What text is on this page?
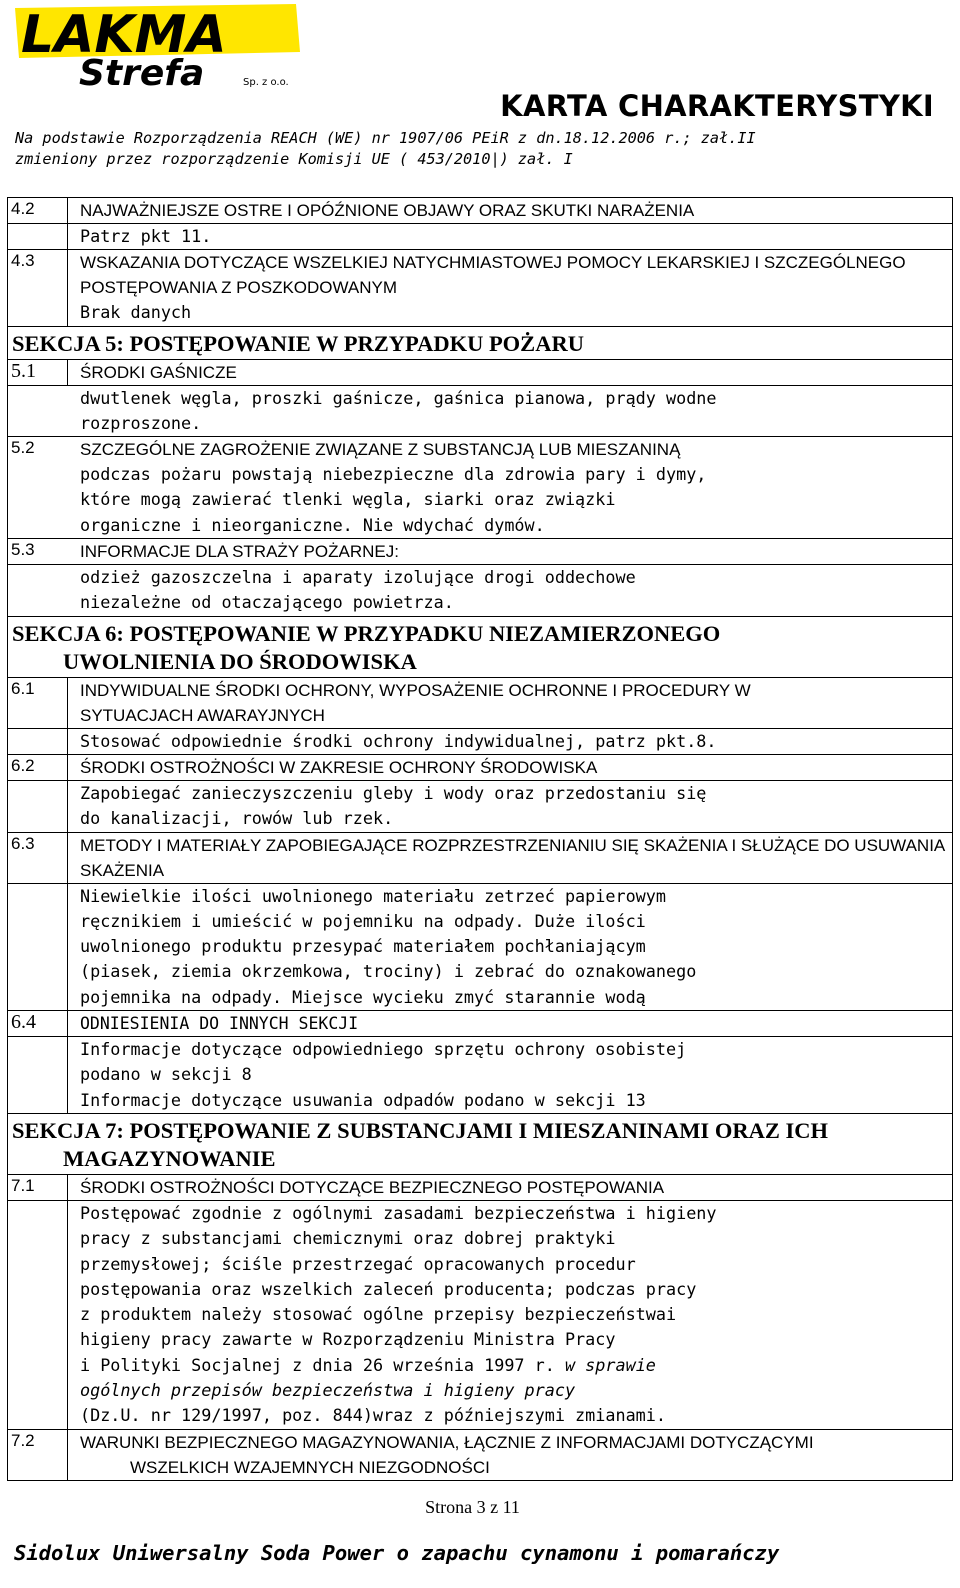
LAKMA
Strefa	Sp. z o.o.
KARTA CHARAKTERYSTYKI
Na podstawie Rozporządzenia REACH (WE) nr 1907/06 PEiR z dn.18.12.2006 r.; zał.II
zmieniony przez rozporządzenie Komisji UE ( 453/2010|) zał. I
4.2	NAJWAŻNIEJSZE OSTRE I OPÓŹNIONE OBJAWY ORAZ SKUTKI NARAŻENIA
Patrz pkt 11.
4.3	WSKAZANIA DOTYCZĄCE WSZELKIEJ NATYCHMIASTOWEJ POMOCY LEKARSKIEJ I SZCZEGÓLNEGO POSTĘPOWANIA Z POSZKODOWANYM
Brak danych
SEKCJA 5: POSTĘPOWANIE W PRZYPADKU POŻARU
5.1	ŚRODKI GAŚNICZE
dwutlenek węgla, proszki gaśnicze, gaśnica pianowa, prądy wodne
rozproszone.
5.2	SZCZEGÓLNE ZAGROŻENIE ZWIĄZANE Z SUBSTANCJĄ LUB MIESZANINĄ
podczas pożaru powstają niebezpieczne dla zdrowia pary i dymy,
które mogą zawierać tlenki węgla, siarki oraz związki
organiczne i nieorganiczne. Nie wdychać dymów.
5.3	INFORMACJE DLA STRAŻY POŻARNEJ:
odzież gazoszczelna i aparaty izolujące drogi oddechowe
niezależne od otaczającego powietrza.
SEKCJA 6: POSTĘPOWANIE W PRZYPADKU NIEZAMIERZONEGO
UWOLNIENIA DO ŚRODOWISKA
6.1	INDYWIDUALNE ŚRODKI OCHRONY, WYPOSAŻENIE OCHRONNE I PROCEDURY W SYTUACJACH AWARAYJNYCH
Stosować odpowiednie środki ochrony indywidualnej, patrz pkt.8.
6.2	ŚRODKI OSTROŻNOŚCI W ZAKRESIE OCHRONY ŚRODOWISKA
Zapobiegać zanieczyszczeniu gleby i wody oraz przedostaniu się
do kanalizacji, rowów lub rzek.
6.3	METODY I MATERIAŁY ZAPOBIEGAJĄCE ROZPRZESTRZENIANIU SIĘ SKAŻENIA I SŁUŻĄCE DO USUWANIA SKAŻENIA
Niewielkie ilości uwolnionego materiału zetrzeć papierowym
ręcznikiem i umieścić w pojemniku na odpady. Duże ilości
uwolnionego produktu przesypać materiałem pochłaniającym
(piasek, ziemia okrzemkowa, trociny) i zebrać do oznakowanego
pojemnika na odpady. Miejsce wycieku zmyć starannie wodą
6.4	ODNIESIENIA DO INNYCH SEKCJI
Informacje dotyczące odpowiedniego sprzętu ochrony osobistej
podano w sekcji 8
Informacje dotyczące usuwania odpadów podano w sekcji 13
SEKCJA 7: POSTĘPOWANIE Z SUBSTANCJAMI I MIESZANINAMI ORAZ ICH
MAGAZYNOWANIE
7.1	ŚRODKI OSTROŻNOŚCI DOTYCZĄCE BEZPIECZNEGO POSTĘPOWANIA
Postępować zgodnie z ogólnymi zasadami bezpieczeństwa i higieny
pracy z substancjami chemicznymi oraz dobrej praktyki
przemysłowej; ściśle przestrzegać opracowanych procedur
postępowania oraz wszelkich zaleceń producenta; podczas pracy
z produktem należy stosować ogólne przepisy bezpieczeństwai
higieny pracy zawarte w Rozporządzeniu Ministra Pracy
i Polityki Socjalnej z dnia 26 września 1997 r. w sprawie
ogólnych przepisów bezpieczeństwa i higieny pracy
(Dz.U. nr 129/1997, poz. 844)wraz z późniejszymi zmianami.
7.2	WARUNKI BEZPIECZNEGO MAGAZYNOWANIA, ŁĄCZNIE Z INFORMACJAMI DOTYCZĄCYMI
WSZELKICH WZAJEMNYCH NIEZGODNOŚCI
Strona 3 z 11
Sidolux Uniwersalny Soda Power o zapachu cynamonu i pomarańczy
